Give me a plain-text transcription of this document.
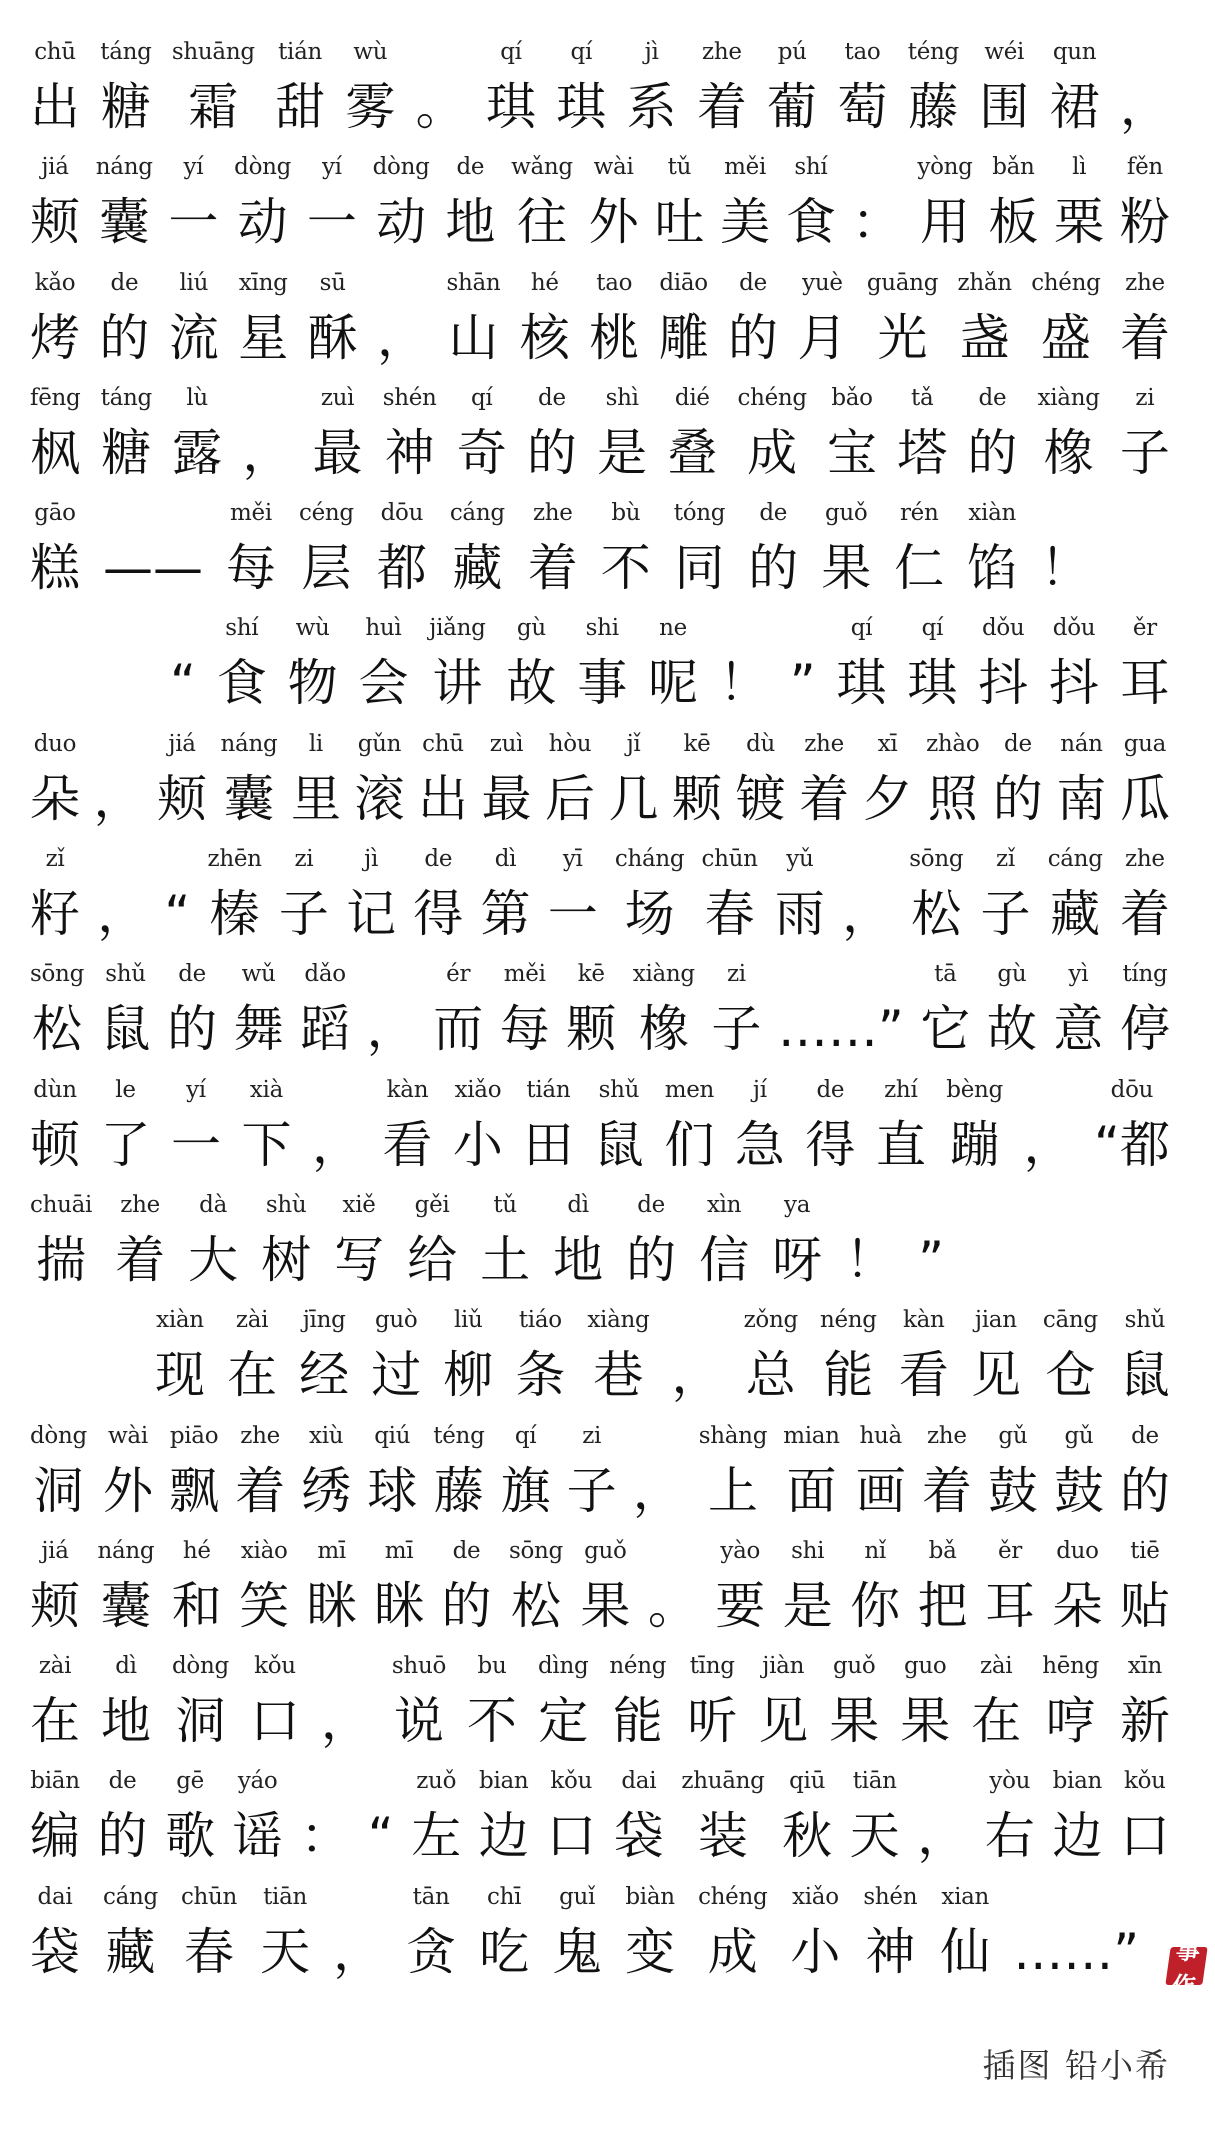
chū
出
táng
糖
shuāng
霜
tián
甜
wù
雾
。
qí
琪
qí
琪
jì
系
zhe
着
pú
葡
tao
萄
téng
藤
wéi
围
qun
裙
，
jiá
颊
náng
囊
yí
一
dòng
动
yí
一
dòng
动
de
地
wǎng
往
wài
外
tǔ
吐
měi
美
shí
食
：
yòng
用
bǎn
板
lì
栗
fěn
粉
kǎo
烤
de
的
liú
流
xīng
星
sū
酥
，
shān
山
hé
核
tao
桃
diāo
雕
de
的
yuè
月
guāng
光
zhǎn
盏
chéng
盛
zhe
着
fēng
枫
táng
糖
lù
露
，
zuì
最
shén
神
qí
奇
de
的
shì
是
dié
叠
chéng
成
bǎo
宝
tǎ
塔
de
的
xiàng
橡
zi
子
gāo
糕
——
měi
每
céng
层
dōu
都
cáng
藏
zhe
着
bù
不
tóng
同
de
的
guǒ
果
rén
仁
xiàn
馅
！

“
shí
食
wù
物
huì
会
jiǎng
讲
gù
故
shi
事
ne
呢
！
”
qí
琪
qí
琪
dǒu
抖
dǒu
抖
ěr
耳
duo
朵
，
jiá
颊
náng
囊
li
里
gǔn
滚
chū
出
zuì
最
hòu
后
jǐ
几
kē
颗
dù
镀
zhe
着
xī
夕
zhào
照
de
的
nán
南
gua
瓜
zǐ
籽
，
“
zhēn
榛
zi
子
jì
记
de
得
dì
第
yī
一
cháng
场
chūn
春
yǔ
雨
，
sōng
松
zǐ
子
cáng
藏
zhe
着
sōng
松
shǔ
鼠
de
的
wǔ
舞
dǎo
蹈
，
ér
而
měi
每
kē
颗
xiàng
橡
zi
子
……”
tā
它
gù
故
yì
意
tíng
停
dùn
顿
le
了
yí
一
xià
下
，
kàn
看
xiǎo
小
tián
田
shǔ
鼠
men
们
jí
急
de
得
zhí
直
bèng
蹦
，
dōu
“都
chuāi
揣
zhe
着
dà
大
shù
树
xiě
写
gěi
给
tǔ
土
dì
地
de
的
xìn
信
ya
呀
！
”
xiàn
现
zài
在
jīng
经
guò
过
liǔ
柳
tiáo
条
xiàng
巷
，
zǒng
总
néng
能
kàn
看
jian
见
cāng
仓
shǔ
鼠
dòng
洞
wài
外
piāo
飘
zhe
着
xiù
绣
qiú
球
téng
藤
qí
旗
zi
子
，
shàng
上
mian
面
huà
画
zhe
着
gǔ
鼓
gǔ
鼓
de
的
jiá
颊
náng
囊
hé
和
xiào
笑
mī
眯
mī
眯
de
的
sōng
松
guǒ
果
。
yào
要
shi
是
nǐ
你
bǎ
把
ěr
耳
duo
朵
tiē
贴
zài
在
dì
地
dòng
洞
kǒu
口
，
shuō
说
bu
不
dìng
定
néng
能
tīng
听
jiàn
见
guǒ
果
guo
果
zài
在
hēng
哼
xīn
新
biān
编
de
的
gē
歌
yáo
谣
：
“
zuǒ
左
bian
边
kǒu
口
dai
袋
zhuāng
装
qiū
秋
tiān
天
，
yòu
右
bian
边
kǒu
口
dai
袋
cáng
藏
chūn
春
tiān
天
，
tān
贪
chī
吃
guǐ
鬼
biàn
变
chéng
成
xiǎo
小
shén
神
xian
仙
……”
故事作文
插图 铅小希
